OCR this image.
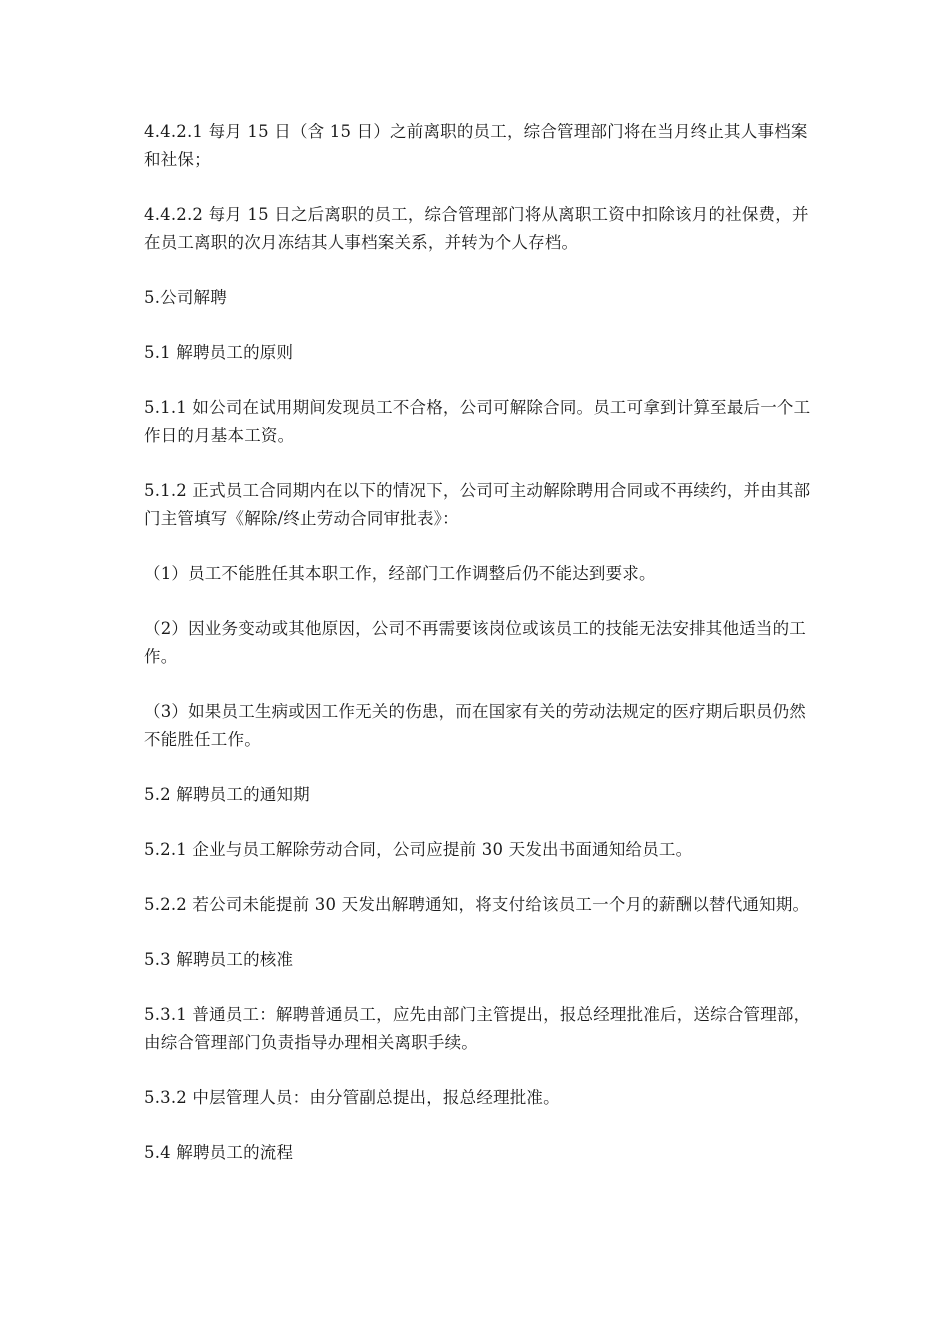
4.4.2.1 每月 15 日（含 15 日）之前离职的员工，综合管理部门将在当月终止其人事档案和社保；

4.4.2.2 每月 15 日之后离职的员工，综合管理部门将从离职工资中扣除该月的社保费，并在员工离职的次月冻结其人事档案关系，并转为个人存档。

5.公司解聘

5.1 解聘员工的原则

5.1.1 如公司在试用期间发现员工不合格，公司可解除合同。员工可拿到计算至最后一个工作日的月基本工资。

5.1.2 正式员工合同期内在以下的情况下，公司可主动解除聘用合同或不再续约，并由其部门主管填写《解除/终止劳动合同审批表》：

（1）员工不能胜任其本职工作，经部门工作调整后仍不能达到要求。

（2）因业务变动或其他原因，公司不再需要该岗位或该员工的技能无法安排其他适当的工作。

（3）如果员工生病或因工作无关的伤患，而在国家有关的劳动法规定的医疗期后职员仍然不能胜任工作。

5.2 解聘员工的通知期

5.2.1 企业与员工解除劳动合同，公司应提前 30 天发出书面通知给员工。

5.2.2 若公司未能提前 30 天发出解聘通知，将支付给该员工一个月的薪酬以替代通知期。

5.3 解聘员工的核准

5.3.1 普通员工：解聘普通员工，应先由部门主管提出，报总经理批准后，送综合管理部，由综合管理部门负责指导办理相关离职手续。

5.3.2 中层管理人员：由分管副总提出，报总经理批准。

5.4 解聘员工的流程
